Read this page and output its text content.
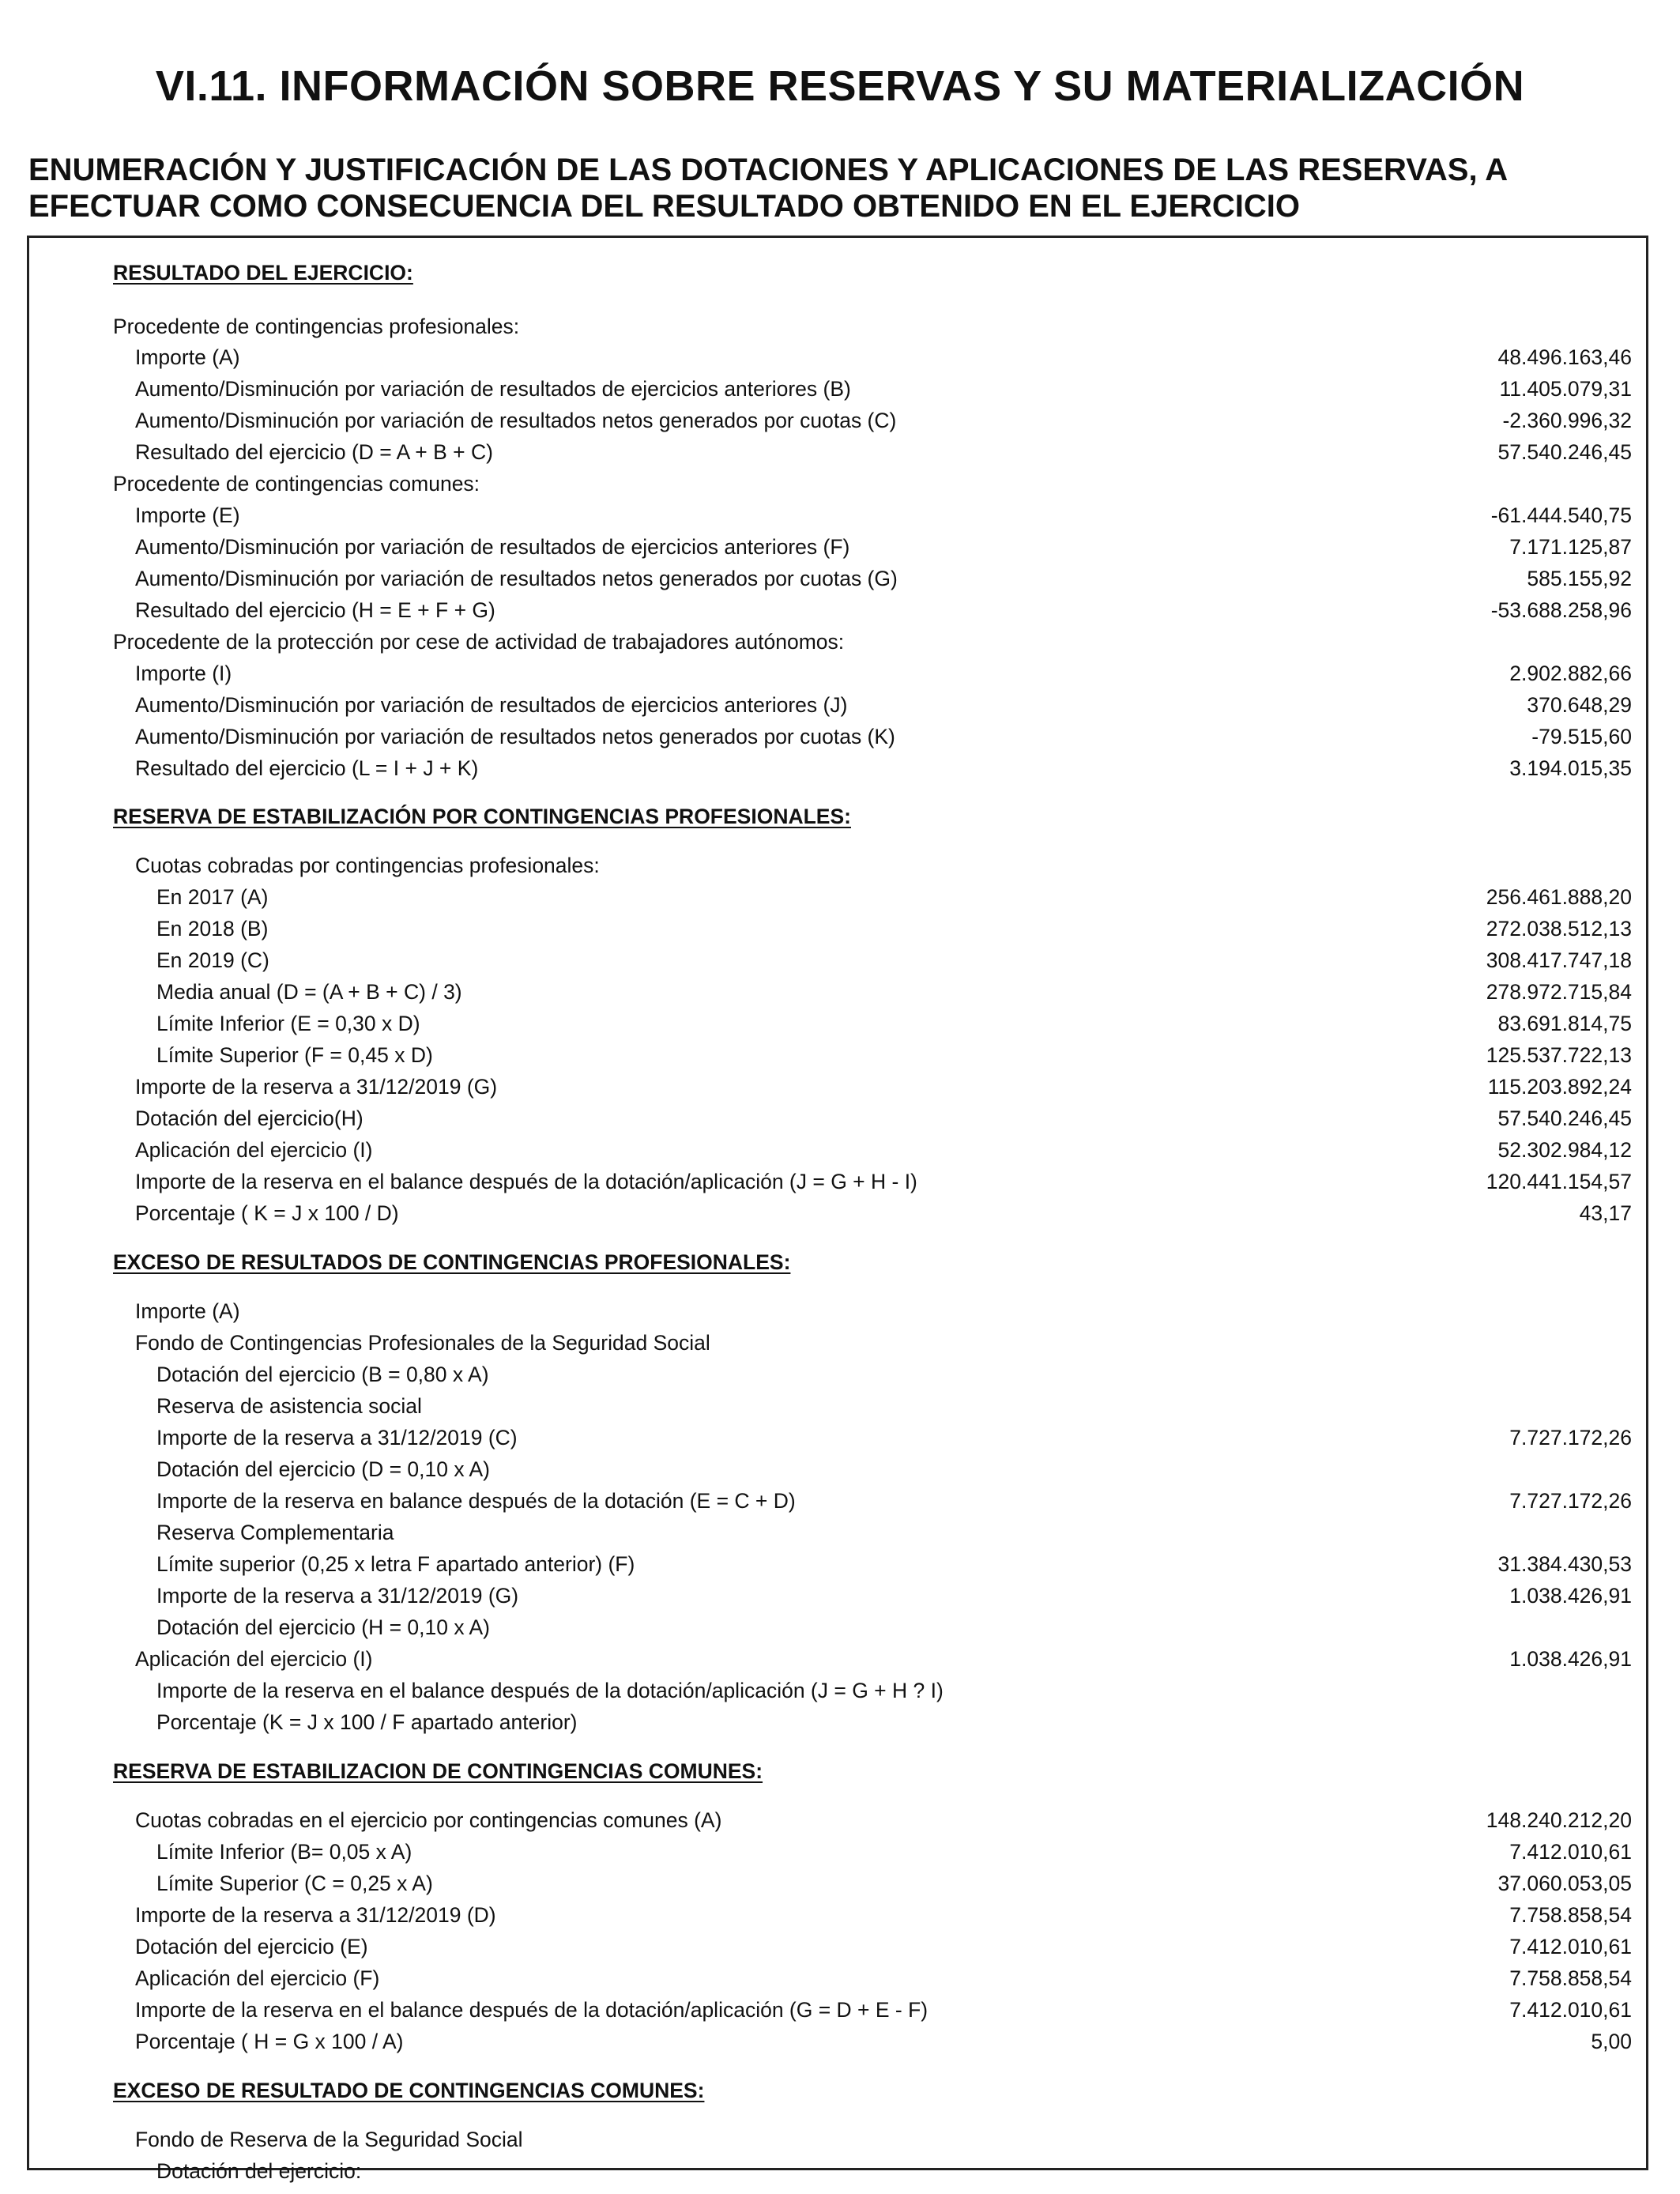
VI.11. INFORMACIÓN SOBRE RESERVAS Y SU MATERIALIZACIÓN
ENUMERACIÓN Y JUSTIFICACIÓN DE LAS DOTACIONES Y APLICACIONES DE LAS RESERVAS, A
EFECTUAR COMO CONSECUENCIA DEL RESULTADO OBTENIDO EN EL EJERCICIO
RESULTADO DEL EJERCICIO:
Procedente de contingencias profesionales:
Importe (A)	48.496.163,46
Aumento/Disminución por variación de resultados de ejercicios anteriores (B)	11.405.079,31
Aumento/Disminución por variación de resultados netos generados por cuotas (C)	-2.360.996,32
Resultado del ejercicio (D = A + B + C)	57.540.246,45
Procedente de contingencias comunes:
Importe (E)	-61.444.540,75
Aumento/Disminución por variación de resultados de ejercicios anteriores (F)	7.171.125,87
Aumento/Disminución por variación de resultados netos generados por cuotas (G)	585.155,92
Resultado del ejercicio (H = E + F + G)	-53.688.258,96
Procedente de la protección por cese de actividad de trabajadores autónomos:
Importe (I)	2.902.882,66
Aumento/Disminución por variación de resultados de ejercicios anteriores (J)	370.648,29
Aumento/Disminución por variación de resultados netos generados por cuotas (K)	-79.515,60
Resultado del ejercicio (L = I + J + K)	3.194.015,35
RESERVA DE ESTABILIZACIÓN POR CONTINGENCIAS PROFESIONALES:
Cuotas cobradas por contingencias profesionales:
En 2017 (A)	256.461.888,20
En 2018 (B)	272.038.512,13
En 2019 (C)	308.417.747,18
Media anual (D = (A + B + C) / 3)	278.972.715,84
Límite Inferior (E = 0,30 x D)	83.691.814,75
Límite Superior (F = 0,45 x D)	125.537.722,13
Importe de la reserva a 31/12/2019 (G)	115.203.892,24
Dotación del ejercicio(H)	57.540.246,45
Aplicación del ejercicio (I)	52.302.984,12
Importe de la reserva en el balance después de la dotación/aplicación (J = G + H - I)	120.441.154,57
Porcentaje ( K = J x 100 / D)	43,17
EXCESO DE RESULTADOS DE CONTINGENCIAS PROFESIONALES:
Importe (A)
Fondo de Contingencias Profesionales de la Seguridad Social
Dotación del ejercicio (B = 0,80 x A)
Reserva de asistencia social
Importe de la reserva a 31/12/2019 (C)	7.727.172,26
Dotación del ejercicio (D = 0,10 x A)
Importe de la reserva en balance después de la dotación (E = C + D)	7.727.172,26
Reserva Complementaria
Límite superior (0,25 x letra F apartado anterior) (F)	31.384.430,53
Importe de la reserva a 31/12/2019 (G)	1.038.426,91
Dotación del ejercicio (H = 0,10 x A)
Aplicación del ejercicio (I)	1.038.426,91
Importe de la reserva en el balance después de la dotación/aplicación (J = G + H ? I)
Porcentaje (K = J x 100 / F apartado anterior)
RESERVA DE ESTABILIZACION DE CONTINGENCIAS COMUNES:
Cuotas cobradas en el ejercicio por contingencias comunes (A)	148.240.212,20
Límite Inferior (B= 0,05 x A)	7.412.010,61
Límite Superior (C = 0,25 x A)	37.060.053,05
Importe de la reserva a 31/12/2019 (D)	7.758.858,54
Dotación del ejercicio (E)	7.412.010,61
Aplicación del ejercicio (F)	7.758.858,54
Importe de la reserva en el balance después de la dotación/aplicación (G = D + E - F)	7.412.010,61
Porcentaje ( H = G x 100 / A)	5,00
EXCESO DE RESULTADO DE CONTINGENCIAS COMUNES:
Fondo de Reserva de la Seguridad Social
Dotación del ejercicio:
